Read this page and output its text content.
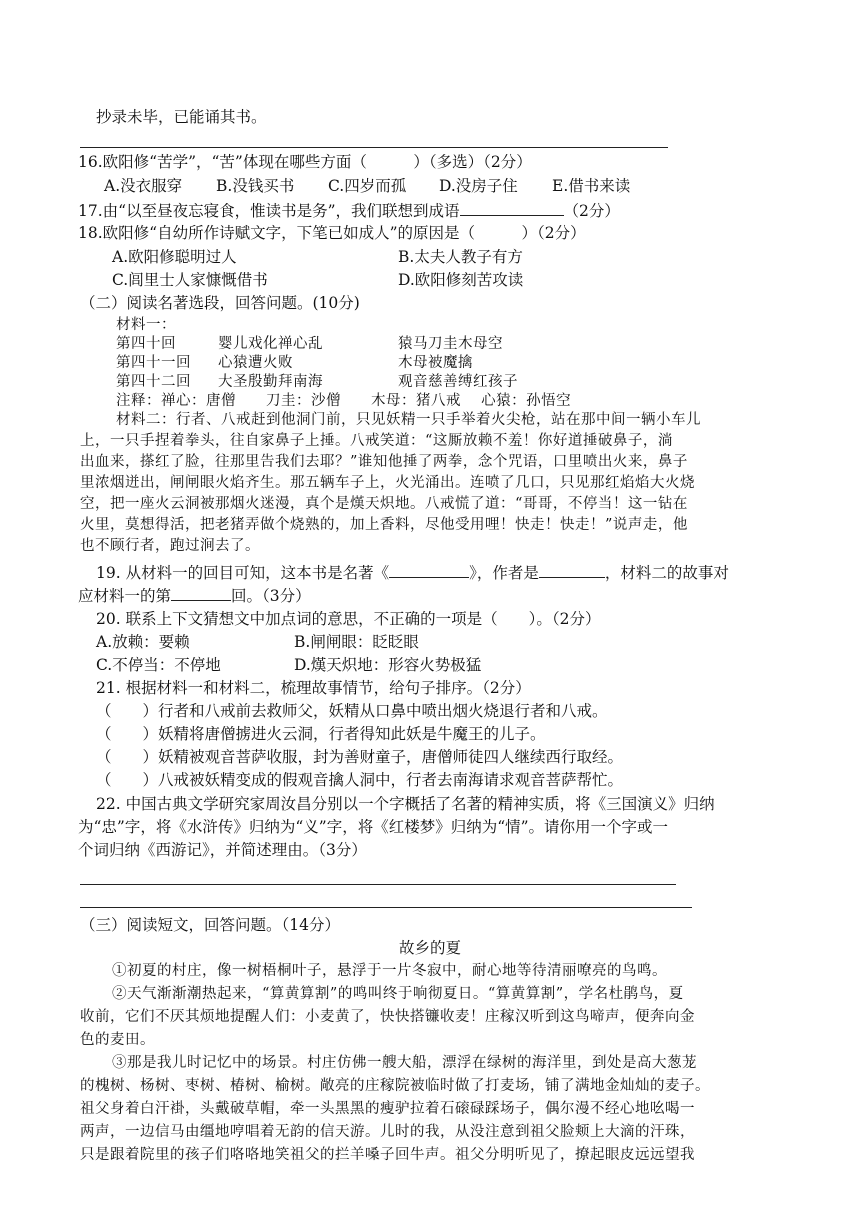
抄录未毕，已能诵其书。
16.欧阳修“苦学”，“苦”体现在哪些方面（　　　）（多选）（2分）
A.没衣服穿 B.没钱买书 C.四岁而孤 D.没房子住 E.借书来读
17.由“以至昼夜忘寝食，惟读书是务”，我们联想到成语	（2分）
18.欧阳修“自幼所作诗赋文字，下笔已如成人”的原因是（　　　）（2分）
A.欧阳修聪明过人	B.太夫人教子有方
C.闾里士人家慷慨借书	D.欧阳修刻苦攻读
（二）阅读名著选段，回答问题。(10分)
材料一：
第四十回	婴儿戏化禅心乱	猿马刀圭木母空
第四十一回 心猿遭火败	木母被魔擒
第四十二回 大圣殷勤拜南海	观音慈善缚红孩子
注释：禅心：唐僧　　刀圭：沙僧　　木母：猪八戒　 心猿：孙悟空
材料二：行者、八戒赶到他洞门前，只见妖精一只手举着火尖枪，站在那中间一辆小车儿
上，一只手捏着拳头，往自家鼻子上捶。八戒笑道：“这厮放赖不羞！你好道捶破鼻子，淌
出血来，搽红了脸，往那里告我们去耶？”谁知他捶了两拳，念个咒语，口里喷出火来，鼻子
里浓烟迸出，闸闸眼火焰齐生。那五辆车子上，火光涌出。连喷了几口，只见那红焰焰大火烧
空，把一座火云洞被那烟火迷漫，真个是熯天炽地。八戒慌了道：“哥哥，不停当！这一钻在
火里，莫想得活，把老猪弄做个烧熟的，加上香料，尽他受用哩！快走！快走！”说声走，他
也不顾行者，跑过涧去了。
19. 从材料一的回目可知，这本书是名著《	》，作者是	，材料二的故事对
应材料一的第	回。（3分）
20. 联系上下文猜想文中加点词的意思，不正确的一项是（　　）。（2分）
A.放赖：要赖	B.闸闸眼：眨眨眼
C.不停当：不停地	D.熯天炽地：形容火势极猛
21. 根据材料一和材料二，梳理故事情节，给句子排序。（2分）
（　　）行者和八戒前去救师父，妖精从口鼻中喷出烟火烧退行者和八戒。
（　　）妖精将唐僧掳进火云洞，行者得知此妖是牛魔王的儿子。
（　　）妖精被观音菩萨收服，封为善财童子，唐僧师徒四人继续西行取经。
（　　）八戒被妖精变成的假观音擒人洞中，行者去南海请求观音菩萨帮忙。
22. 中国古典文学研究家周汝昌分别以一个字概括了名著的精神实质，将《三国演义》归纳
为“忠”字，将《水浒传》归纳为“义”字，将《红楼梦》归纳为“情”。请你用一个字或一
个词归纳《西游记》，并简述理由。（3分）
（三）阅读短文，回答问题。（14分）
故乡的夏
①初夏的村庄，像一树梧桐叶子，悬浮于一片冬寂中，耐心地等待清丽嘹亮的鸟鸣。
②天气渐渐潮热起来，“算黄算割”的鸣叫终于响彻夏日。“算黄算割”，学名杜鹃鸟，夏
收前，它们不厌其烦地提醒人们：小麦黄了，快快搭镰收麦！庄稼汉听到这鸟啼声，便奔向金
色的麦田。
③那是我儿时记忆中的场景。村庄仿佛一艘大船，漂浮在绿树的海洋里，到处是高大葱茏
的槐树、杨树、枣树、椿树、榆树。敞亮的庄稼院被临时做了打麦场，铺了满地金灿灿的麦子。
祖父身着白汗褂，头戴破草帽，牵一头黑黑的瘦驴拉着石磙碌踩场子，偶尔漫不经心地吆喝一
两声，一边信马由缰地哼唱着无韵的信天游。儿时的我，从没注意到祖父脸颊上大滴的汗珠，
只是跟着院里的孩子们咯咯地笑祖父的拦羊嗓子回牛声。祖父分明听见了，撩起眼皮远远望我
